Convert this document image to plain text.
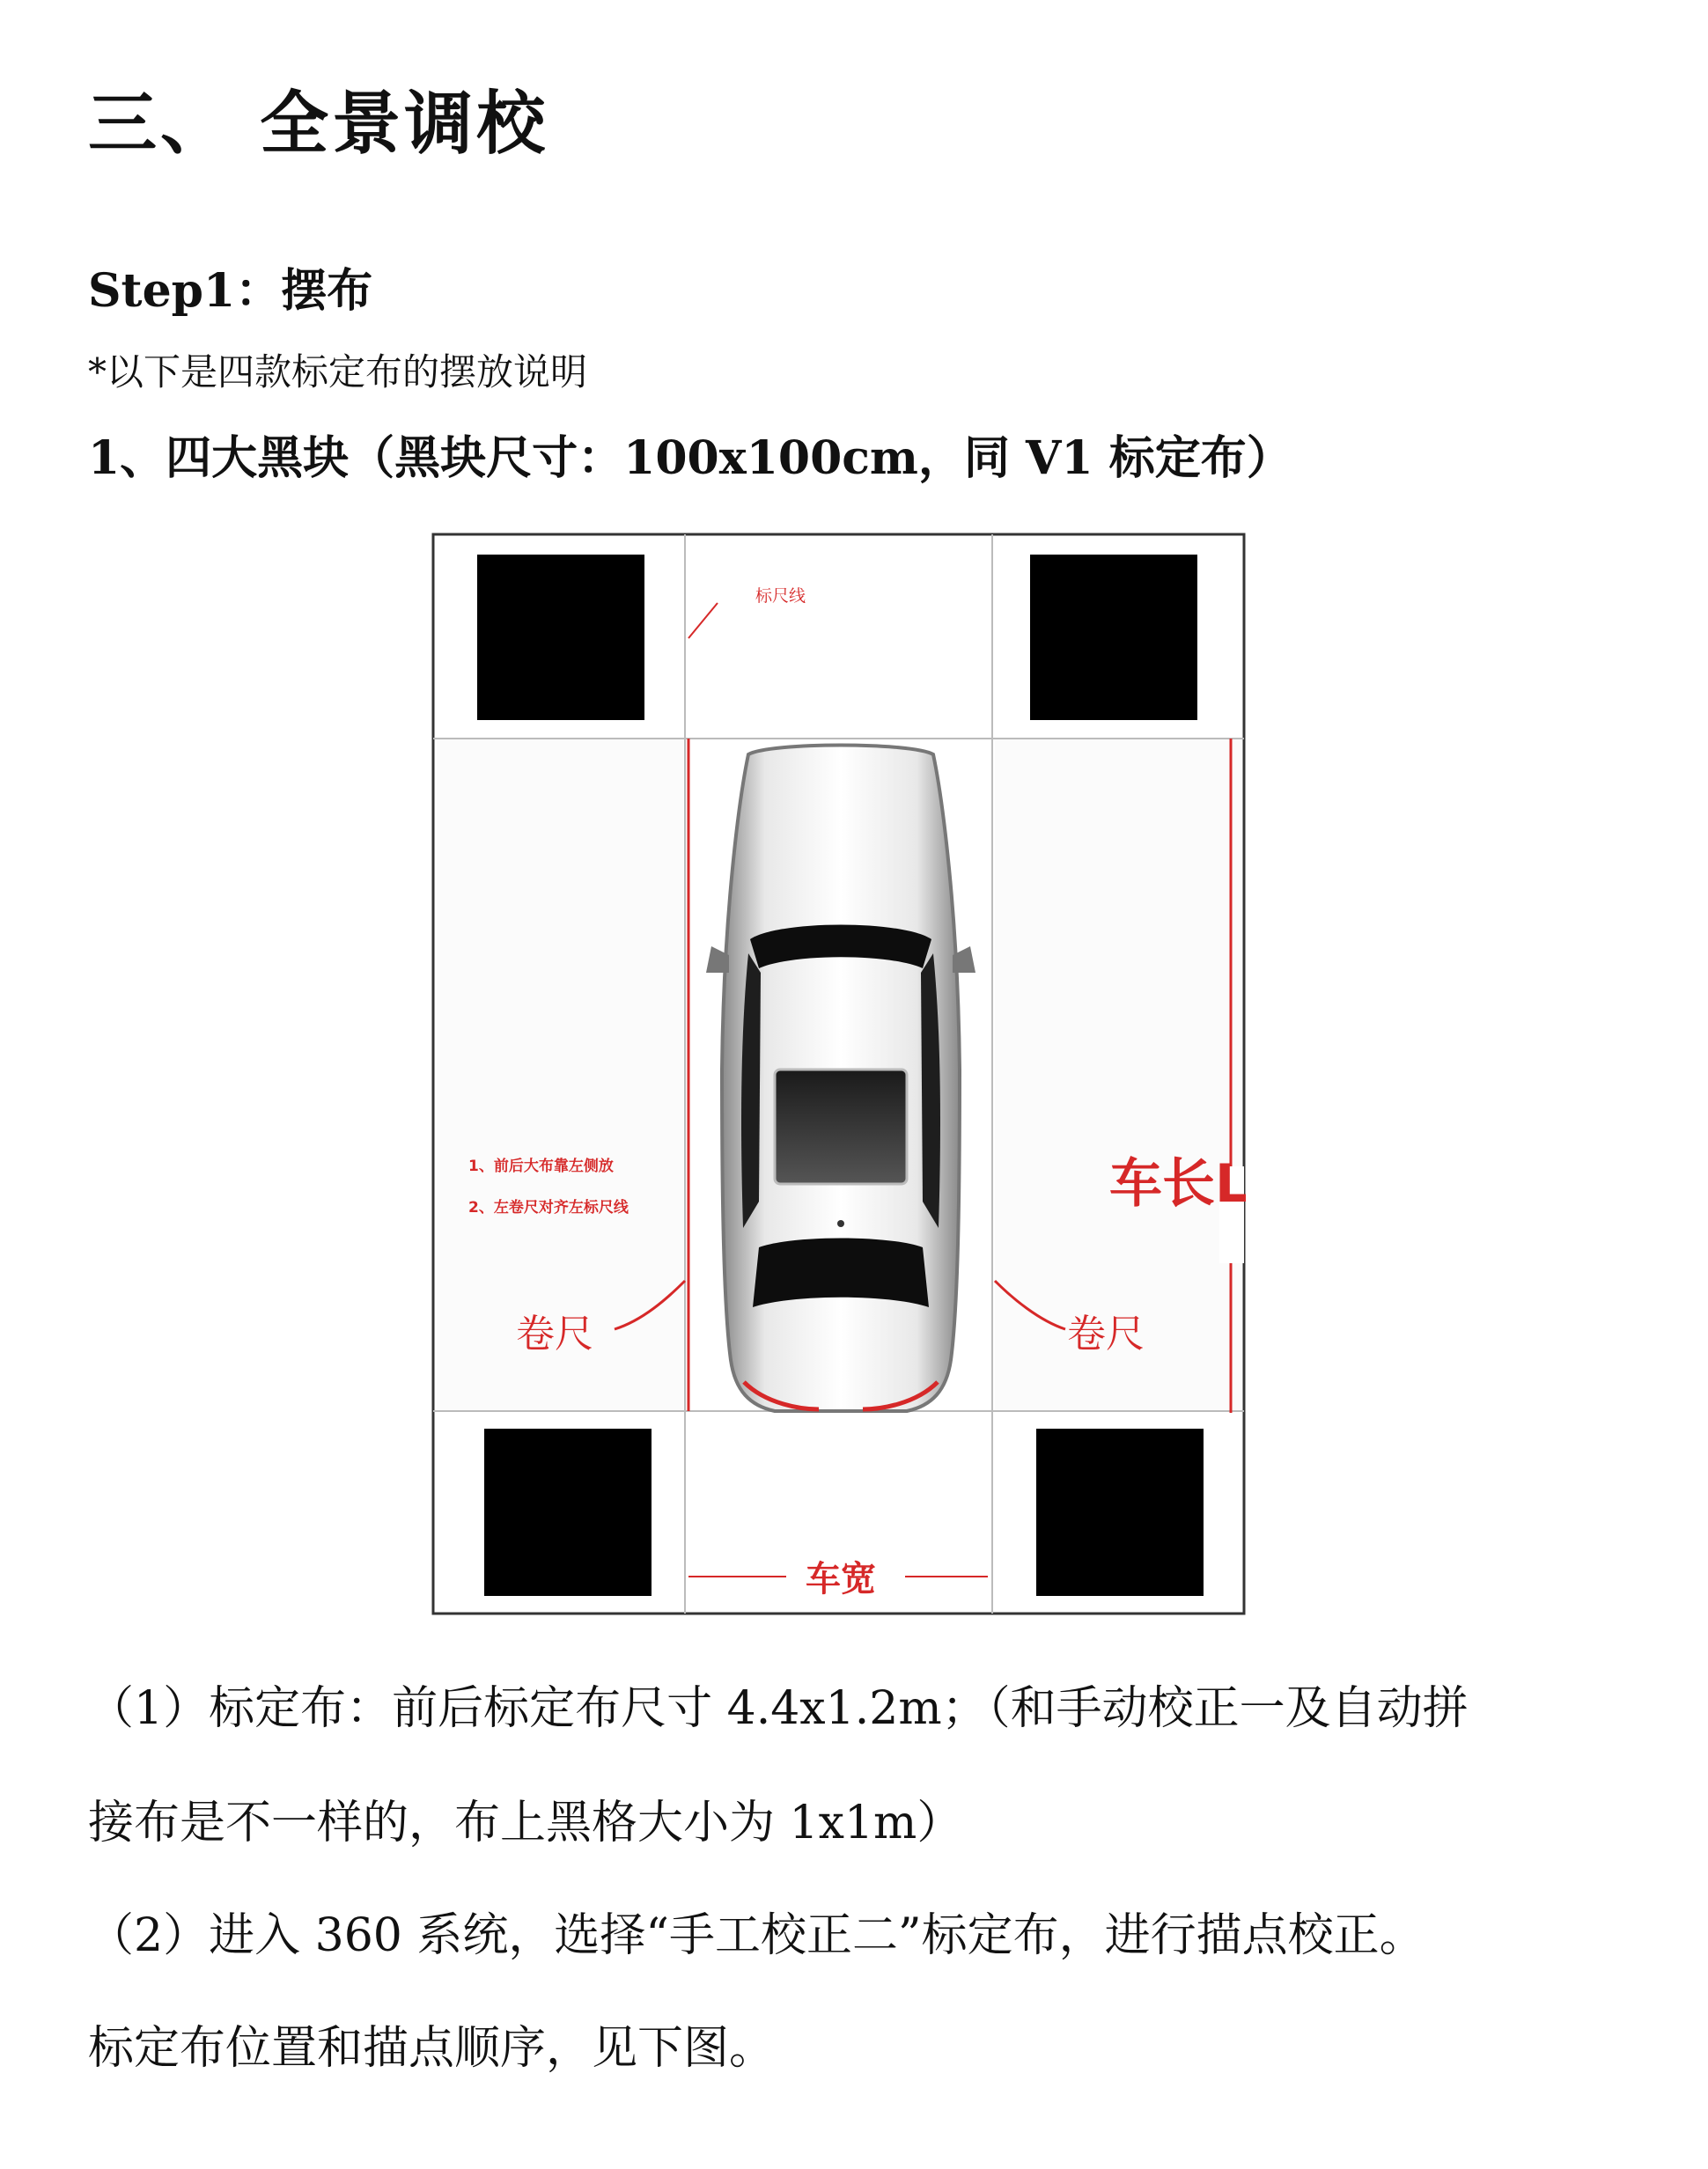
三、 全景调校
Step1：摆布
*以下是四款标定布的摆放说明
1、四大黑块（黑块尺寸：100x100cm，同 V1 标定布）
标尺线
1、前后大布靠左侧放
2、左卷尺对齐左标尺线
卷尺	卷尺
车长L
车宽
（1）标定布：前后标定布尺寸 4.4x1.2m；（和手动校正一及自动拼
接布是不一样的，布上黑格大小为 1x1m）
（2）进入 360 系统，选择“手工校正二”标定布，进行描点校正。
标定布位置和描点顺序，见下图。
